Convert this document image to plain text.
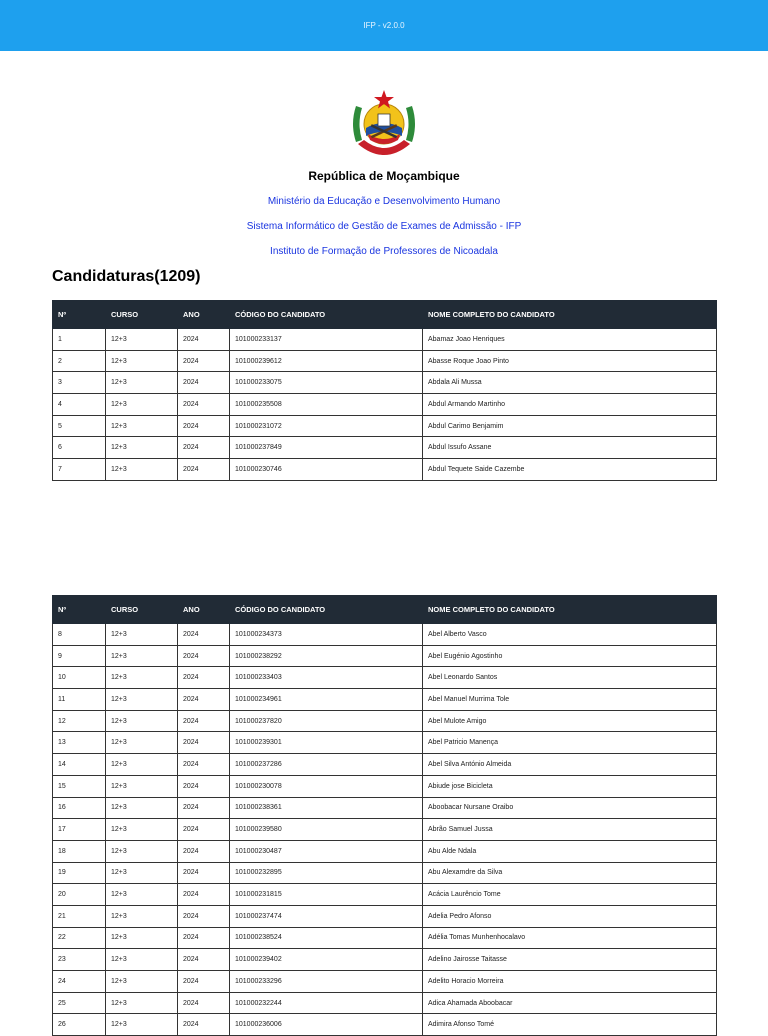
IFP - v2.0.0
República de Moçambique
Ministério da Educação e Desenvolvimento Humano
Sistema Informático de Gestão de Exames de Admissão - IFP
Instituto de Formação de Professores de Nicoadala
Candidaturas(1209)
Nº	CURSO	ANO	CÓDIGO DO CANDIDATO	NOME COMPLETO DO CANDIDATO
1	12+3	2024	101000233137	Abamaz Joao Henriques
2	12+3	2024	101000239612	Abasse Roque Joao Pinto
3	12+3	2024	101000233075	Abdala Ali Mussa
4	12+3	2024	101000235508	Abdul Armando Martinho
5	12+3	2024	101000231072	Abdul Carimo Benjamim
6	12+3	2024	101000237849	Abdul Issufo Assane
7	12+3	2024	101000230746	Abdul Tequete Saide Cazembe
Nº	CURSO	ANO	CÓDIGO DO CANDIDATO	NOME COMPLETO DO CANDIDATO
8	12+3	2024	101000234373	Abel Alberto Vasco
9	12+3	2024	101000238292	Abel Eugénio Agostinho
10	12+3	2024	101000233403	Abel Leonardo Santos
11	12+3	2024	101000234961	Abel Manuel Murrima Tole
12	12+3	2024	101000237820	Abel Mulote Amigo
13	12+3	2024	101000239301	Abel Patricio Manença
14	12+3	2024	101000237286	Abel Silva António Almeida
15	12+3	2024	101000230078	Abiude jose Bicicleta
16	12+3	2024	101000238361	Aboobacar Nursane Oraibo
17	12+3	2024	101000239580	Abrão Samuel Jussa
18	12+3	2024	101000230487	Abu Alde Ndala
19	12+3	2024	101000232895	Abu Alexamdre da Silva
20	12+3	2024	101000231815	Acácia Laurêncio Tome
21	12+3	2024	101000237474	Adelia Pedro Afonso
22	12+3	2024	101000238524	Adélia Tomas Munhenhocalavo
23	12+3	2024	101000239402	Adelino Jairosse Taitasse
24	12+3	2024	101000233296	Adelito Horacio Morreira
25	12+3	2024	101000232244	Adica Ahamada Aboobacar
26	12+3	2024	101000236006	Adimira Afonso Tomé
